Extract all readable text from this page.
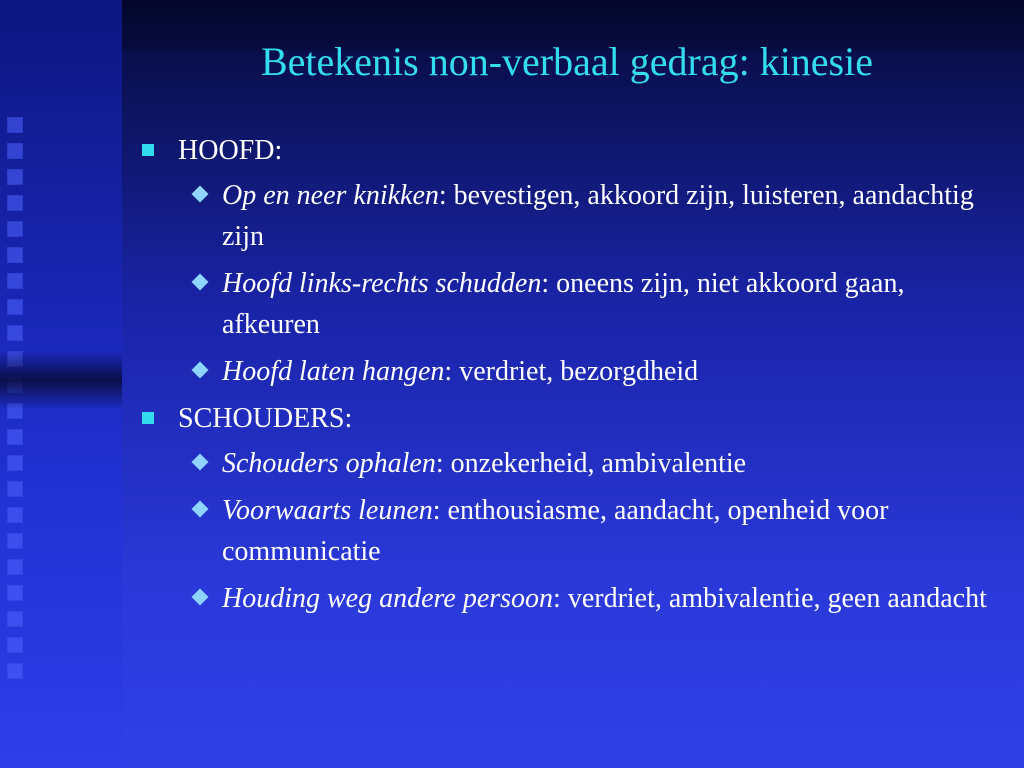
Betekenis non-verbaal gedrag: kinesie
HOOFD:
Op en neer knikken: bevestigen, akkoord zijn, luisteren, aandachtig zijn
Hoofd links-rechts schudden: oneens zijn, niet akkoord gaan, afkeuren
Hoofd laten hangen: verdriet, bezorgdheid
SCHOUDERS:
Schouders ophalen: onzekerheid, ambivalentie
Voorwaarts leunen: enthousiasme, aandacht, openheid voor communicatie
Houding weg andere persoon: verdriet, ambivalentie, geen aandacht
